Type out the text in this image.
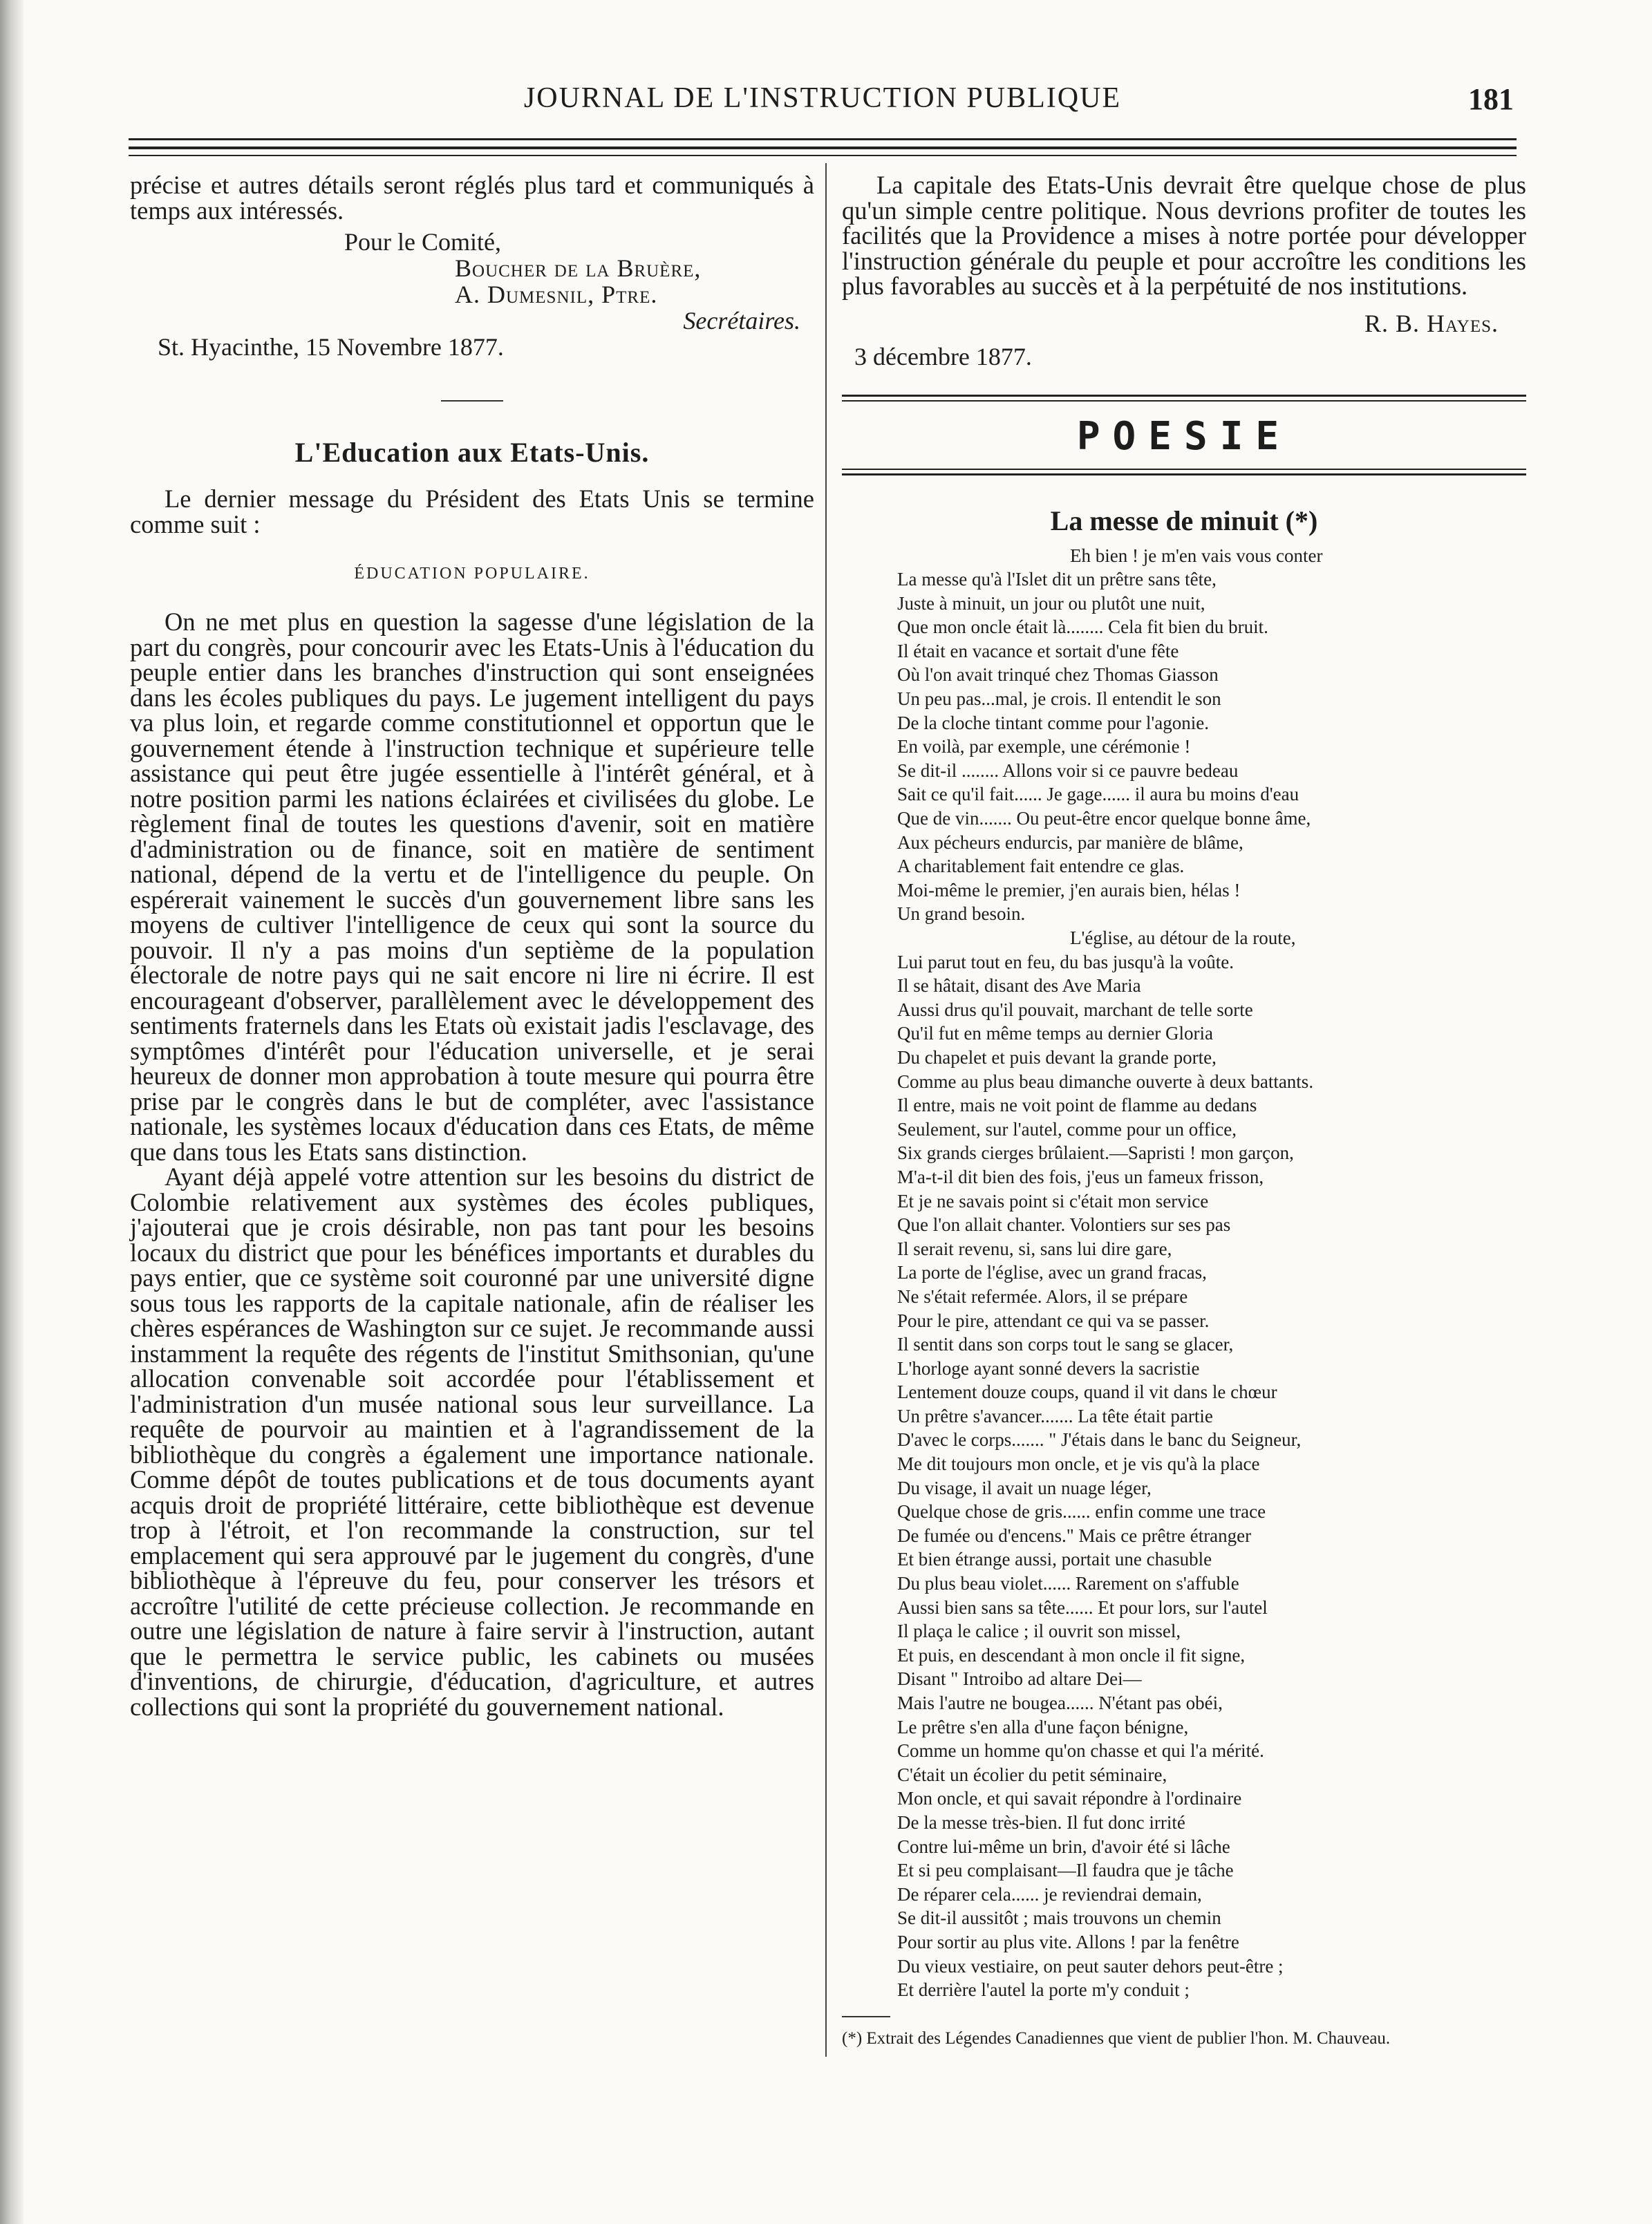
JOURNAL DE L'INSTRUCTION PUBLIQUE	181

précise et autres détails seront réglés plus tard et communiqués à temps aux intéressés.

Pour le Comité,
Boucher de la Bruère,
A. Dumesnil, Ptre.
Secrétaires.
St. Hyacinthe, 15 Novembre 1877.
L'Education aux Etats-Unis.

Le dernier message du Président des Etats Unis se termine comme suit :

ÉDUCATION POPULAIRE.

On ne met plus en question la sagesse d'une législation de la part du congrès, pour concourir avec les Etats-Unis à l'éducation du peuple entier dans les branches d'instruction qui sont enseignées dans les écoles publiques du pays. Le jugement intelligent du pays va plus loin, et regarde comme constitutionnel et opportun que le gouvernement étende à l'instruction technique et supérieure telle assistance qui peut être jugée essentielle à l'intérêt général, et à notre position parmi les nations éclairées et civilisées du globe. Le règlement final de toutes les questions d'avenir, soit en matière d'administration ou de finance, soit en matière de sentiment national, dépend de la vertu et de l'intelligence du peuple. On espérerait vainement le succès d'un gouvernement libre sans les moyens de cultiver l'intelligence de ceux qui sont la source du pouvoir. Il n'y a pas moins d'un septième de la population électorale de notre pays qui ne sait encore ni lire ni écrire. Il est encourageant d'observer, parallèlement avec le développement des sentiments fraternels dans les Etats où existait jadis l'esclavage, des symptômes d'intérêt pour l'éducation universelle, et je serai heureux de donner mon approbation à toute mesure qui pourra être prise par le congrès dans le but de compléter, avec l'assistance nationale, les systèmes locaux d'éducation dans ces Etats, de même que dans tous les Etats sans distinction.

Ayant déjà appelé votre attention sur les besoins du district de Colombie relativement aux systèmes des écoles publiques, j'ajouterai que je crois désirable, non pas tant pour les besoins locaux du district que pour les bénéfices importants et durables du pays entier, que ce système soit couronné par une université digne sous tous les rapports de la capitale nationale, afin de réaliser les chères espérances de Washington sur ce sujet. Je recommande aussi instamment la requête des régents de l'institut Smithsonian, qu'une allocation convenable soit accordée pour l'établissement et l'administration d'un musée national sous leur surveillance. La requête de pourvoir au maintien et à l'agrandissement de la bibliothèque du congrès a également une importance nationale. Comme dépôt de toutes publications et de tous documents ayant acquis droit de propriété littéraire, cette bibliothèque est devenue trop à l'étroit, et l'on recommande la construction, sur tel emplacement qui sera approuvé par le jugement du congrès, d'une bibliothèque à l'épreuve du feu, pour conserver les trésors et accroître l'utilité de cette précieuse collection. Je recommande en outre une législation de nature à faire servir à l'instruction, autant que le permettra le service public, les cabinets ou musées d'inventions, de chirurgie, d'éducation, d'agriculture, et autres collections qui sont la propriété du gouvernement national.

La capitale des Etats-Unis devrait être quelque chose de plus qu'un simple centre politique. Nous devrions profiter de toutes les facilités que la Providence a mises à notre portée pour développer l'instruction générale du peuple et pour accroître les conditions les plus favorables au succès et à la perpétuité de nos institutions.

R. B. Hayes.
3 décembre 1877.
POESIE
La messe de minuit (*)
Eh bien ! je m'en vais vous conter
La messe qu'à l'Islet dit un prêtre sans tête,
Juste à minuit, un jour ou plutôt une nuit,
Que mon oncle était là........ Cela fit bien du bruit.
Il était en vacance et sortait d'une fête
Où l'on avait trinqué chez Thomas Giasson
Un peu pas...mal, je crois. Il entendit le son
De la cloche tintant comme pour l'agonie.
En voilà, par exemple, une cérémonie !
Se dit-il ........ Allons voir si ce pauvre bedeau
Sait ce qu'il fait...... Je gage...... il aura bu moins d'eau
Que de vin....... Ou peut-être encor quelque bonne âme,
Aux pécheurs endurcis, par manière de blâme,
A charitablement fait entendre ce glas.
Moi-même le premier, j'en aurais bien, hélas !
Un grand besoin.
L'église, au détour de la route,
Lui parut tout en feu, du bas jusqu'à la voûte.
Il se hâtait, disant des Ave Maria
Aussi drus qu'il pouvait, marchant de telle sorte
Qu'il fut en même temps au dernier Gloria
Du chapelet et puis devant la grande porte,
Comme au plus beau dimanche ouverte à deux battants.
Il entre, mais ne voit point de flamme au dedans
Seulement, sur l'autel, comme pour un office,
Six grands cierges brûlaient.—Sapristi ! mon garçon,
M'a-t-il dit bien des fois, j'eus un fameux frisson,
Et je ne savais point si c'était mon service
Que l'on allait chanter. Volontiers sur ses pas
Il serait revenu, si, sans lui dire gare,
La porte de l'église, avec un grand fracas,
Ne s'était refermée. Alors, il se prépare
Pour le pire, attendant ce qui va se passer.
Il sentit dans son corps tout le sang se glacer,
L'horloge ayant sonné devers la sacristie
Lentement douze coups, quand il vit dans le chœur
Un prêtre s'avancer....... La tête était partie
D'avec le corps....... " J'étais dans le banc du Seigneur,
Me dit toujours mon oncle, et je vis qu'à la place
Du visage, il avait un nuage léger,
Quelque chose de gris...... enfin comme une trace
De fumée ou d'encens." Mais ce prêtre étranger
Et bien étrange aussi, portait une chasuble
Du plus beau violet...... Rarement on s'affuble
Aussi bien sans sa tête...... Et pour lors, sur l'autel
Il plaça le calice ; il ouvrit son missel,
Et puis, en descendant à mon oncle il fit signe,
Disant " Introibo ad altare Dei—
Mais l'autre ne bougea...... N'étant pas obéi,
Le prêtre s'en alla d'une façon bénigne,
Comme un homme qu'on chasse et qui l'a mérité.
C'était un écolier du petit séminaire,
Mon oncle, et qui savait répondre à l'ordinaire
De la messe très-bien. Il fut donc irrité
Contre lui-même un brin, d'avoir été si lâche
Et si peu complaisant—Il faudra que je tâche
De réparer cela...... je reviendrai demain,
Se dit-il aussitôt ; mais trouvons un chemin
Pour sortir au plus vite. Allons ! par la fenêtre
Du vieux vestiaire, on peut sauter dehors peut-être ;
Et derrière l'autel la porte m'y conduit ;
(*) Extrait des Légendes Canadiennes que vient de publier l'hon. M. Chauveau.
